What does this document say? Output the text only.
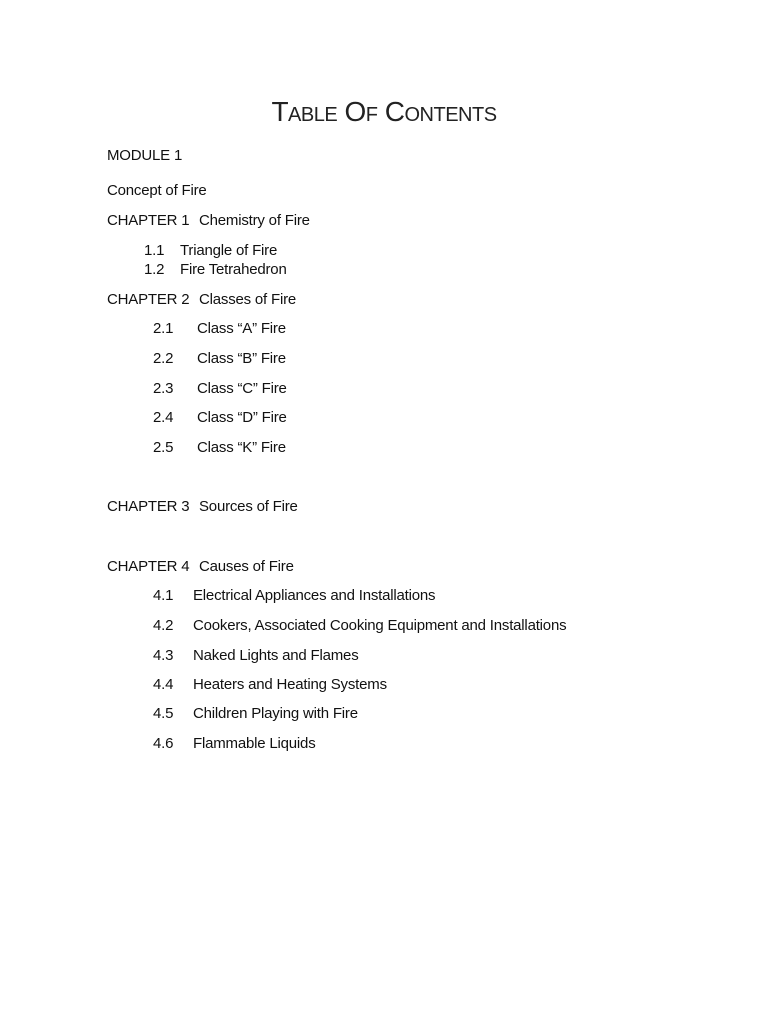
Table Of Contents
MODULE 1
Concept of Fire
CHAPTER 1 Chemistry of Fire
1.1 Triangle of Fire
1.2 Fire Tetrahedron
CHAPTER 2 Classes of Fire
2.1 Class “A” Fire
2.2 Class “B” Fire
2.3 Class “C” Fire
2.4 Class “D” Fire
2.5 Class “K” Fire
CHAPTER 3 Sources of Fire
CHAPTER 4 Causes of Fire
4.1 Electrical Appliances and Installations
4.2 Cookers, Associated Cooking Equipment and Installations
4.3 Naked Lights and Flames
4.4 Heaters and Heating Systems
4.5 Children Playing with Fire
4.6 Flammable Liquids
